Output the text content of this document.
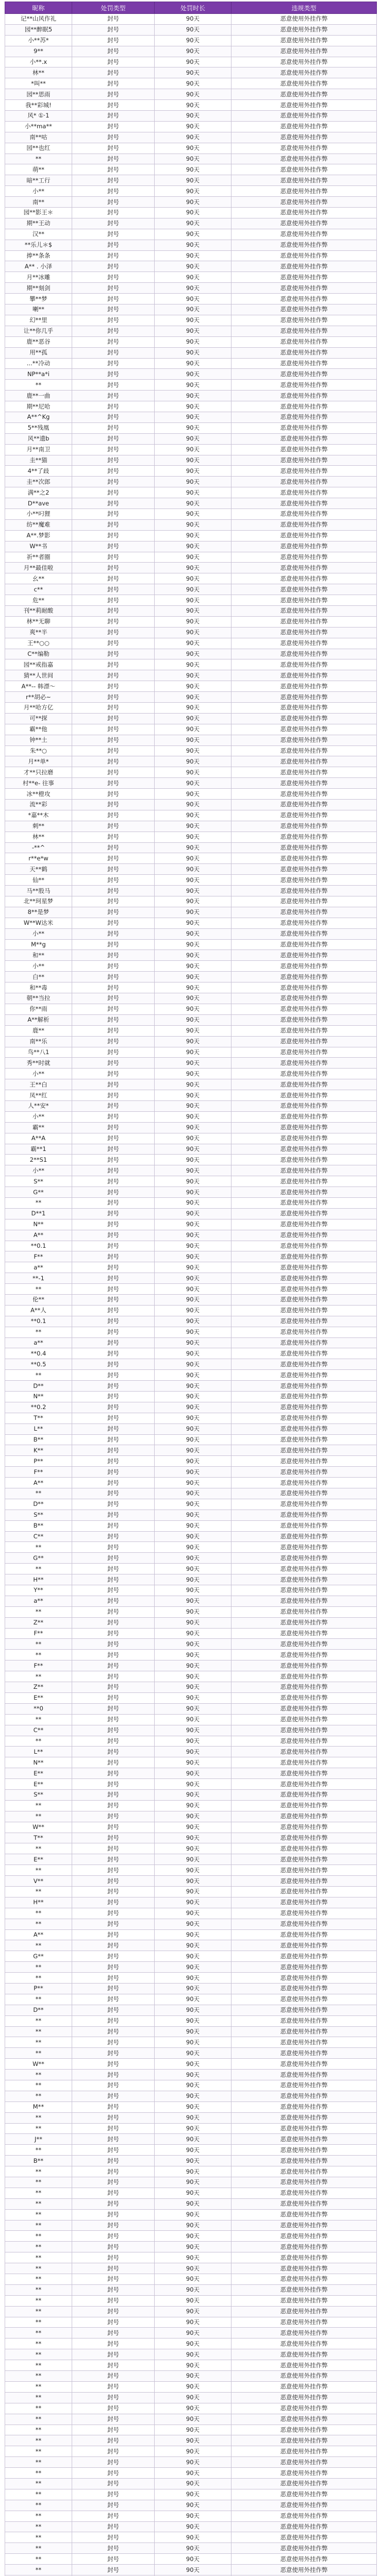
昵称	处罚类型	处罚时长	违规类型
记**山风作礼	封号	90天	恶意使用外挂作弊
园**醉眠5	封号	90天	恶意使用外挂作弊
小**苏*	封号	90天	恶意使用外挂作弊
9**	封号	90天	恶意使用外挂作弊
小**.x	封号	90天	恶意使用外挂作弊
林**	封号	90天	恶意使用外挂作弊
*叫**	封号	90天	恶意使用外挂作弊
园**思雨	封号	90天	恶意使用外挂作弊
我**彩城!	封号	90天	恶意使用外挂作弊
风* ①·1	封号	90天	恶意使用外挂作弊
小**ma**	封号	90天	恶意使用外挂作弊
南**咕	封号	90天	恶意使用外挂作弊
园**也红	封号	90天	恶意使用外挂作弊
**	封号	90天	恶意使用外挂作弊
萌**	封号	90天	恶意使用外挂作弊
暗**工行	封号	90天	恶意使用外挂作弊
小**	封号	90天	恶意使用外挂作弊
南**	封号	90天	恶意使用外挂作弊
园**影王＊	封号	90天	恶意使用外挂作弊
期**王动	封号	90天	恶意使用外挂作弊
汉**	封号	90天	恶意使用外挂作弊
**乐儿＊$	封号	90天	恶意使用外挂作弊
捧**条条	封号	90天	恶意使用外挂作弊
A** . 小泽	封号	90天	恶意使用外挂作弊
月**冰雕	封号	90天	恶意使用外挂作弊
期**刻剑	封号	90天	恶意使用外挂作弊
攀**梦	封号	90天	恶意使用外挂作弊
喇**	封号	90天	恶意使用外挂作弊
幻**里	封号	90天	恶意使用外挂作弊
让**你几乎	封号	90天	恶意使用外挂作弊
鹿**恶谷	封号	90天	恶意使用外挂作弊
用**孤	封号	90天	恶意使用外挂作弊
...**冷动	封号	90天	恶意使用外挂作弊
NP**a*i	封号	90天	恶意使用外挂作弊
**	封号	90天	恶意使用外挂作弊
鹿**一曲	封号	90天	恶意使用外挂作弊
期**尼哈	封号	90天	恶意使用外挂作弊
A**^Kg	封号	90天	恶意使用外挂作弊
5**残凰	封号	90天	恶意使用外挂作弊
风**遗b	封号	90天	恶意使用外挂作弊
月**南卫	封号	90天	恶意使用外挂作弊
圭**猫	封号	90天	恶意使用外挂作弊
4**了歧	封号	90天	恶意使用外挂作弊
圭**次郎	封号	90天	恶意使用外挂作弊
满**之2	封号	90天	恶意使用外挂作弊
D**ave	封号	90天	恶意使用外挂作弊
小**叼狸	封号	90天	恶意使用外挂作弊
纺**魔难	封号	90天	恶意使用外挂作弊
A**.梦影	封号	90天	恶意使用外挂作弊
W**书	封号	90天	恶意使用外挂作弊
祈**者圈	封号	90天	恶意使用外挂作弊
月**最佳啦	封号	90天	恶意使用外挂作弊
幺**	封号	90天	恶意使用外挂作弊
c**	封号	90天	恶意使用外挂作弊
危**	封号	90天	恶意使用外挂作弊
刊**莉耐酸	封号	90天	恶意使用外挂作弊
林**无聊	封号	90天	恶意使用外挂作弊
爽**半	封号	90天	恶意使用外挂作弊
王**○○	封号	90天	恶意使用外挂作弊
C**编勒	封号	90天	恶意使用外挂作弊
园**戒指嘉	封号	90天	恶意使用外挂作弊
猜**人世间	封号	90天	恶意使用外挂作弊
A**-- 韩漂～	封号	90天	恶意使用外挂作弊
r**胡必~	封号	90天	恶意使用外挂作弊
月**哈方亿	封号	90天	恶意使用外挂作弊
可**探	封号	90天	恶意使用外挂作弊
霸**他	封号	90天	恶意使用外挂作弊
钟**土	封号	90天	恶意使用外挂作弊
朱**○	封号	90天	恶意使用外挂作弊
月**单*	封号	90天	恶意使用外挂作弊
才**只拉磨	封号	90天	恶意使用外挂作弊
村**e- 往事	封号	90天	恶意使用外挂作弊
冰**橙攻	封号	90天	恶意使用外挂作弊
流**彩	封号	90天	恶意使用外挂作弊
*嘉**木	封号	90天	恶意使用外挂作弊
刺**	封号	90天	恶意使用外挂作弊
林**	封号	90天	恶意使用外挂作弊
-**^	封号	90天	恶意使用外挂作弊
r**e*w	封号	90天	恶意使用外挂作弊
天**鹤	封号	90天	恶意使用外挂作弊
仙**	封号	90天	恶意使用外挂作弊
马**股马	封号	90天	恶意使用外挂作弊
北**珂星梦	封号	90天	恶意使用外挂作弊
8**是梦	封号	90天	恶意使用外挂作弊
W**W达米	封号	90天	恶意使用外挂作弊
小**	封号	90天	恶意使用外挂作弊
M**g	封号	90天	恶意使用外挂作弊
和**	封号	90天	恶意使用外挂作弊
小**	封号	90天	恶意使用外挂作弊
白**	封号	90天	恶意使用外挂作弊
和**毒	封号	90天	恶意使用外挂作弊
朝**当拉	封号	90天	恶意使用外挂作弊
你**雨	封号	90天	恶意使用外挂作弊
A**解析	封号	90天	恶意使用外挂作弊
鹿**	封号	90天	恶意使用外挂作弊
南**乐	封号	90天	恶意使用外挂作弊
鸟**八1	封号	90天	恶意使用外挂作弊
秀**时就	封号	90天	恶意使用外挂作弊
小**	封号	90天	恶意使用外挂作弊
王**白	封号	90天	恶意使用外挂作弊
凤**红	封号	90天	恶意使用外挂作弊
人**安*	封号	90天	恶意使用外挂作弊
小**	封号	90天	恶意使用外挂作弊
霸**	封号	90天	恶意使用外挂作弊
A**A	封号	90天	恶意使用外挂作弊
霸**1	封号	90天	恶意使用外挂作弊
2**S1	封号	90天	恶意使用外挂作弊
小**	封号	90天	恶意使用外挂作弊
S**	封号	90天	恶意使用外挂作弊
G**	封号	90天	恶意使用外挂作弊
**	封号	90天	恶意使用外挂作弊
D**1	封号	90天	恶意使用外挂作弊
N**	封号	90天	恶意使用外挂作弊
A**	封号	90天	恶意使用外挂作弊
**0.1	封号	90天	恶意使用外挂作弊
F**	封号	90天	恶意使用外挂作弊
a**	封号	90天	恶意使用外挂作弊
**-1	封号	90天	恶意使用外挂作弊
**	封号	90天	恶意使用外挂作弊
伦**	封号	90天	恶意使用外挂作弊
A**人	封号	90天	恶意使用外挂作弊
**0.1	封号	90天	恶意使用外挂作弊
**	封号	90天	恶意使用外挂作弊
a**	封号	90天	恶意使用外挂作弊
**0.4	封号	90天	恶意使用外挂作弊
**0.5	封号	90天	恶意使用外挂作弊
**	封号	90天	恶意使用外挂作弊
D**	封号	90天	恶意使用外挂作弊
N**	封号	90天	恶意使用外挂作弊
**0.2	封号	90天	恶意使用外挂作弊
T**	封号	90天	恶意使用外挂作弊
L**	封号	90天	恶意使用外挂作弊
B**	封号	90天	恶意使用外挂作弊
K**	封号	90天	恶意使用外挂作弊
P**	封号	90天	恶意使用外挂作弊
F**	封号	90天	恶意使用外挂作弊
A**	封号	90天	恶意使用外挂作弊
**	封号	90天	恶意使用外挂作弊
D**	封号	90天	恶意使用外挂作弊
S**	封号	90天	恶意使用外挂作弊
B**	封号	90天	恶意使用外挂作弊
C**	封号	90天	恶意使用外挂作弊
**	封号	90天	恶意使用外挂作弊
G**	封号	90天	恶意使用外挂作弊
**	封号	90天	恶意使用外挂作弊
H**	封号	90天	恶意使用外挂作弊
Y**	封号	90天	恶意使用外挂作弊
a**	封号	90天	恶意使用外挂作弊
**	封号	90天	恶意使用外挂作弊
Z**	封号	90天	恶意使用外挂作弊
F**	封号	90天	恶意使用外挂作弊
**	封号	90天	恶意使用外挂作弊
**	封号	90天	恶意使用外挂作弊
F**	封号	90天	恶意使用外挂作弊
**	封号	90天	恶意使用外挂作弊
Z**	封号	90天	恶意使用外挂作弊
E**	封号	90天	恶意使用外挂作弊
**0	封号	90天	恶意使用外挂作弊
**	封号	90天	恶意使用外挂作弊
C**	封号	90天	恶意使用外挂作弊
**	封号	90天	恶意使用外挂作弊
L**	封号	90天	恶意使用外挂作弊
N**	封号	90天	恶意使用外挂作弊
E**	封号	90天	恶意使用外挂作弊
E**	封号	90天	恶意使用外挂作弊
S**	封号	90天	恶意使用外挂作弊
**	封号	90天	恶意使用外挂作弊
**	封号	90天	恶意使用外挂作弊
W**	封号	90天	恶意使用外挂作弊
T**	封号	90天	恶意使用外挂作弊
**	封号	90天	恶意使用外挂作弊
E**	封号	90天	恶意使用外挂作弊
**	封号	90天	恶意使用外挂作弊
V**	封号	90天	恶意使用外挂作弊
**	封号	90天	恶意使用外挂作弊
H**	封号	90天	恶意使用外挂作弊
**	封号	90天	恶意使用外挂作弊
**	封号	90天	恶意使用外挂作弊
A**	封号	90天	恶意使用外挂作弊
**	封号	90天	恶意使用外挂作弊
G**	封号	90天	恶意使用外挂作弊
**	封号	90天	恶意使用外挂作弊
**	封号	90天	恶意使用外挂作弊
P**	封号	90天	恶意使用外挂作弊
**	封号	90天	恶意使用外挂作弊
D**	封号	90天	恶意使用外挂作弊
**	封号	90天	恶意使用外挂作弊
**	封号	90天	恶意使用外挂作弊
**	封号	90天	恶意使用外挂作弊
**	封号	90天	恶意使用外挂作弊
W**	封号	90天	恶意使用外挂作弊
**	封号	90天	恶意使用外挂作弊
**	封号	90天	恶意使用外挂作弊
**	封号	90天	恶意使用外挂作弊
M**	封号	90天	恶意使用外挂作弊
**	封号	90天	恶意使用外挂作弊
**	封号	90天	恶意使用外挂作弊
J**	封号	90天	恶意使用外挂作弊
**	封号	90天	恶意使用外挂作弊
B**	封号	90天	恶意使用外挂作弊
**	封号	90天	恶意使用外挂作弊
**	封号	90天	恶意使用外挂作弊
**	封号	90天	恶意使用外挂作弊
**	封号	90天	恶意使用外挂作弊
**	封号	90天	恶意使用外挂作弊
**	封号	90天	恶意使用外挂作弊
**	封号	90天	恶意使用外挂作弊
**	封号	90天	恶意使用外挂作弊
**	封号	90天	恶意使用外挂作弊
**	封号	90天	恶意使用外挂作弊
**	封号	90天	恶意使用外挂作弊
**	封号	90天	恶意使用外挂作弊
**	封号	90天	恶意使用外挂作弊
**	封号	90天	恶意使用外挂作弊
**	封号	90天	恶意使用外挂作弊
**	封号	90天	恶意使用外挂作弊
**	封号	90天	恶意使用外挂作弊
**	封号	90天	恶意使用外挂作弊
**	封号	90天	恶意使用外挂作弊
**	封号	90天	恶意使用外挂作弊
**	封号	90天	恶意使用外挂作弊
**	封号	90天	恶意使用外挂作弊
**	封号	90天	恶意使用外挂作弊
**	封号	90天	恶意使用外挂作弊
**	封号	90天	恶意使用外挂作弊
**	封号	90天	恶意使用外挂作弊
**	封号	90天	恶意使用外挂作弊
**	封号	90天	恶意使用外挂作弊
**	封号	90天	恶意使用外挂作弊
**	封号	90天	恶意使用外挂作弊
**	封号	90天	恶意使用外挂作弊
**	封号	90天	恶意使用外挂作弊
**	封号	90天	恶意使用外挂作弊
**	封号	90天	恶意使用外挂作弊
**	封号	90天	恶意使用外挂作弊
**	封号	90天	恶意使用外挂作弊
**	封号	90天	恶意使用外挂作弊
**	封号	90天	恶意使用外挂作弊
